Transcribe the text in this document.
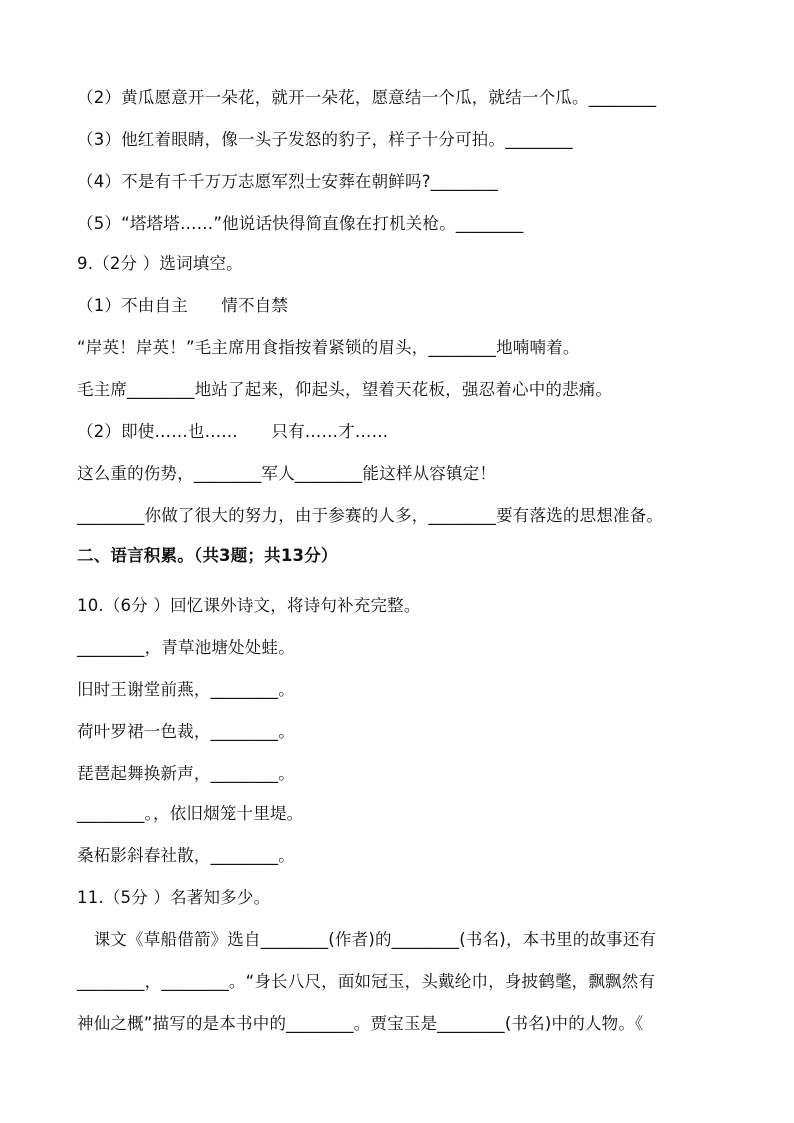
（2）黄瓜愿意开一朵花，就开一朵花，愿意结一个瓜，就结一个瓜。________
（3）他红着眼睛，像一头子发怒的豹子，样子十分可拍。________
（4）不是有千千万万志愿军烈士安葬在朝鲜吗?________
（5）“塔塔塔……”他说话快得简直像在打机关枪。________
9.（2分 ）选词填空。
（1）不由自主　　情不自禁
“岸英！岸英！”毛主席用食指按着紧锁的眉头，________地喃喃着。
毛主席________地站了起来，仰起头，望着天花板，强忍着心中的悲痛。
（2）即使……也……　　只有……才……
这么重的伤势，________军人________能这样从容镇定！
________你做了很大的努力，由于参赛的人多，________要有落选的思想准备。
二、语言积累。（共3题；共13分）
10.（6分 ）回忆课外诗文，将诗句补充完整。
________，青草池塘处处蛙。
旧时王谢堂前燕，________。
荷叶罗裙一色裁，________。
琵琶起舞换新声，________。
________。，依旧烟笼十里堤。
桑柘影斜春社散，________。
11.（5分 ）名著知多少。
　课文《草船借箭》选自________(作者)的________(书名)，本书里的故事还有
________，________。“身长八尺，面如冠玉，头戴纶巾，身披鹤氅，飘飘然有
神仙之概”描写的是本书中的________。贾宝玉是________(书名)中的人物。《
